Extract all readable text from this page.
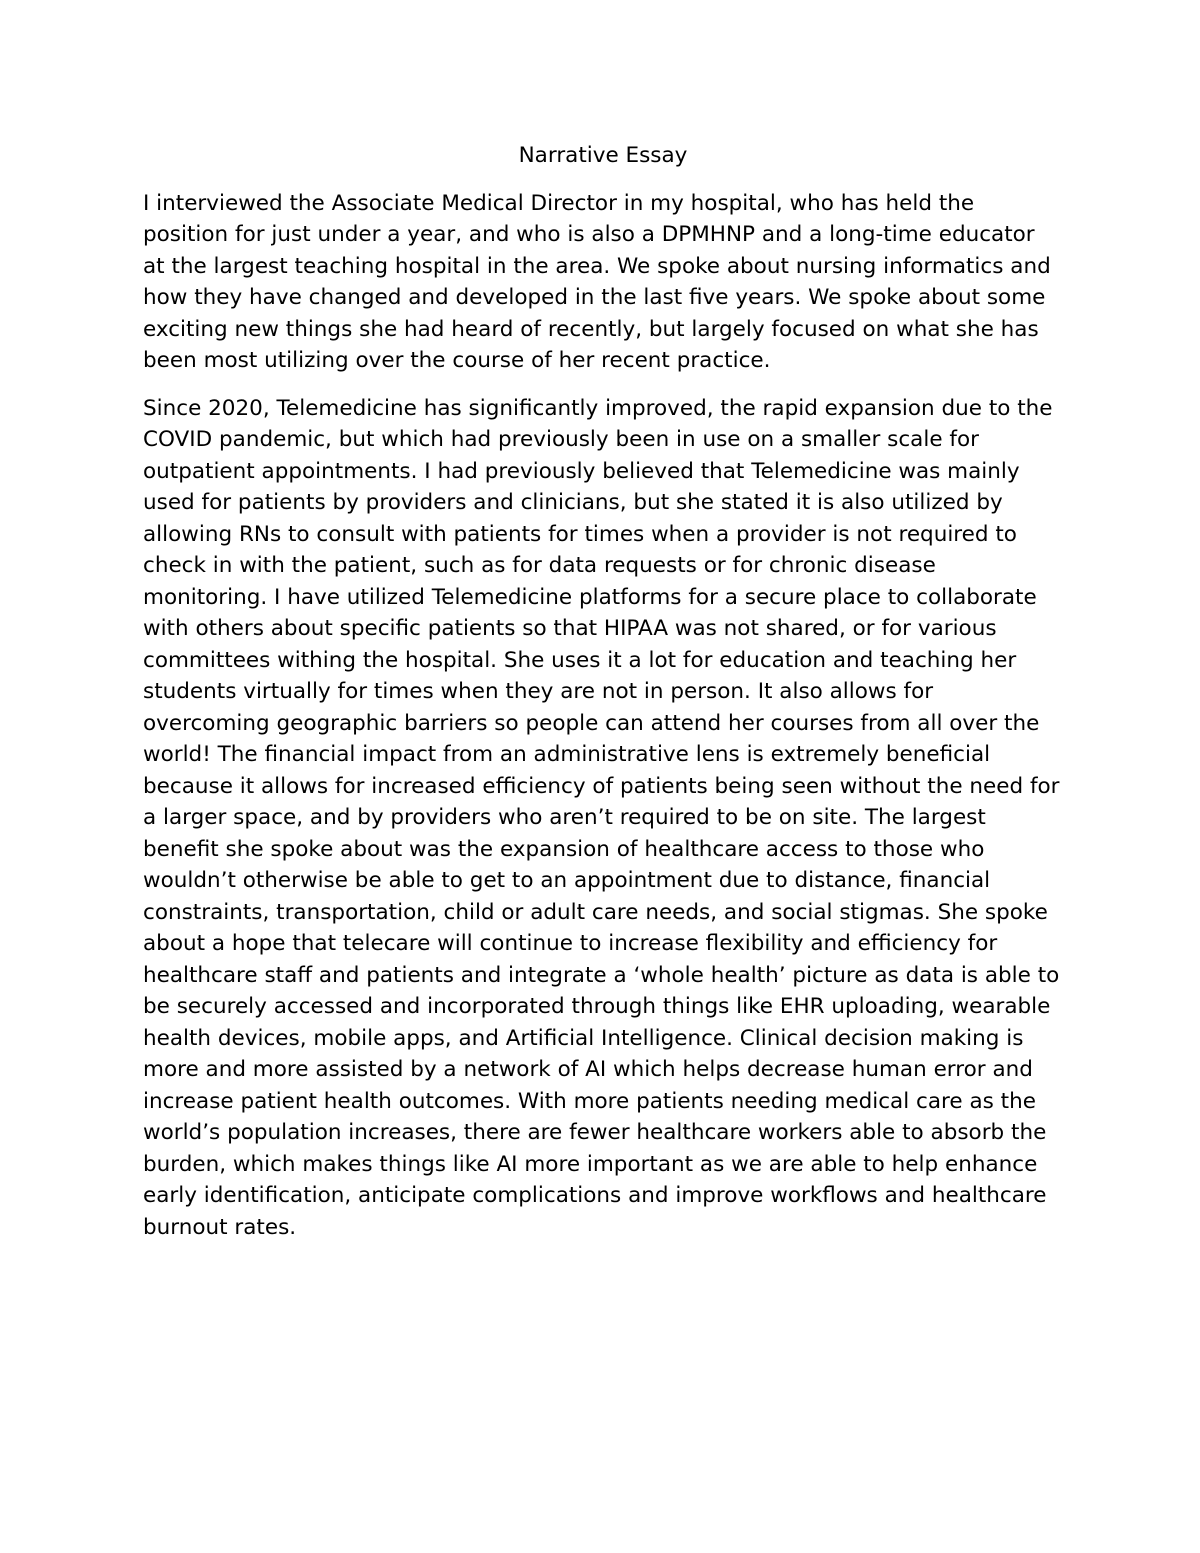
Narrative Essay

I interviewed the Associate Medical Director in my hospital, who has held the position for just under a year, and who is also a DPMHNP and a long-time educator at the largest teaching hospital in the area. We spoke about nursing informatics and how they have changed and developed in the last five years. We spoke about some exciting new things she had heard of recently, but largely focused on what she has been most utilizing over the course of her recent practice.

Since 2020, Telemedicine has significantly improved, the rapid expansion due to the COVID pandemic, but which had previously been in use on a smaller scale for outpatient appointments. I had previously believed that Telemedicine was mainly used for patients by providers and clinicians, but she stated it is also utilized by allowing RNs to consult with patients for times when a provider is not required to check in with the patient, such as for data requests or for chronic disease monitoring. I have utilized Telemedicine platforms for a secure place to collaborate with others about specific patients so that HIPAA was not shared, or for various committees withing the hospital. She uses it a lot for education and teaching her students virtually for times when they are not in person. It also allows for overcoming geographic barriers so people can attend her courses from all over the world! The financial impact from an administrative lens is extremely beneficial because it allows for increased efficiency of patients being seen without the need for a larger space, and by providers who aren’t required to be on site. The largest benefit she spoke about was the expansion of healthcare access to those who wouldn’t otherwise be able to get to an appointment due to distance, financial constraints, transportation, child or adult care needs, and social stigmas. She spoke about a hope that telecare will continue to increase flexibility and efficiency for healthcare staff and patients and integrate a ‘whole health’ picture as data is able to be securely accessed and incorporated through things like EHR uploading, wearable health devices, mobile apps, and Artificial Intelligence. Clinical decision making is more and more assisted by a network of AI which helps decrease human error and increase patient health outcomes. With more patients needing medical care as the world’s population increases, there are fewer healthcare workers able to absorb the burden, which makes things like AI more important as we are able to help enhance early identification, anticipate complications and improve workflows and healthcare burnout rates.
